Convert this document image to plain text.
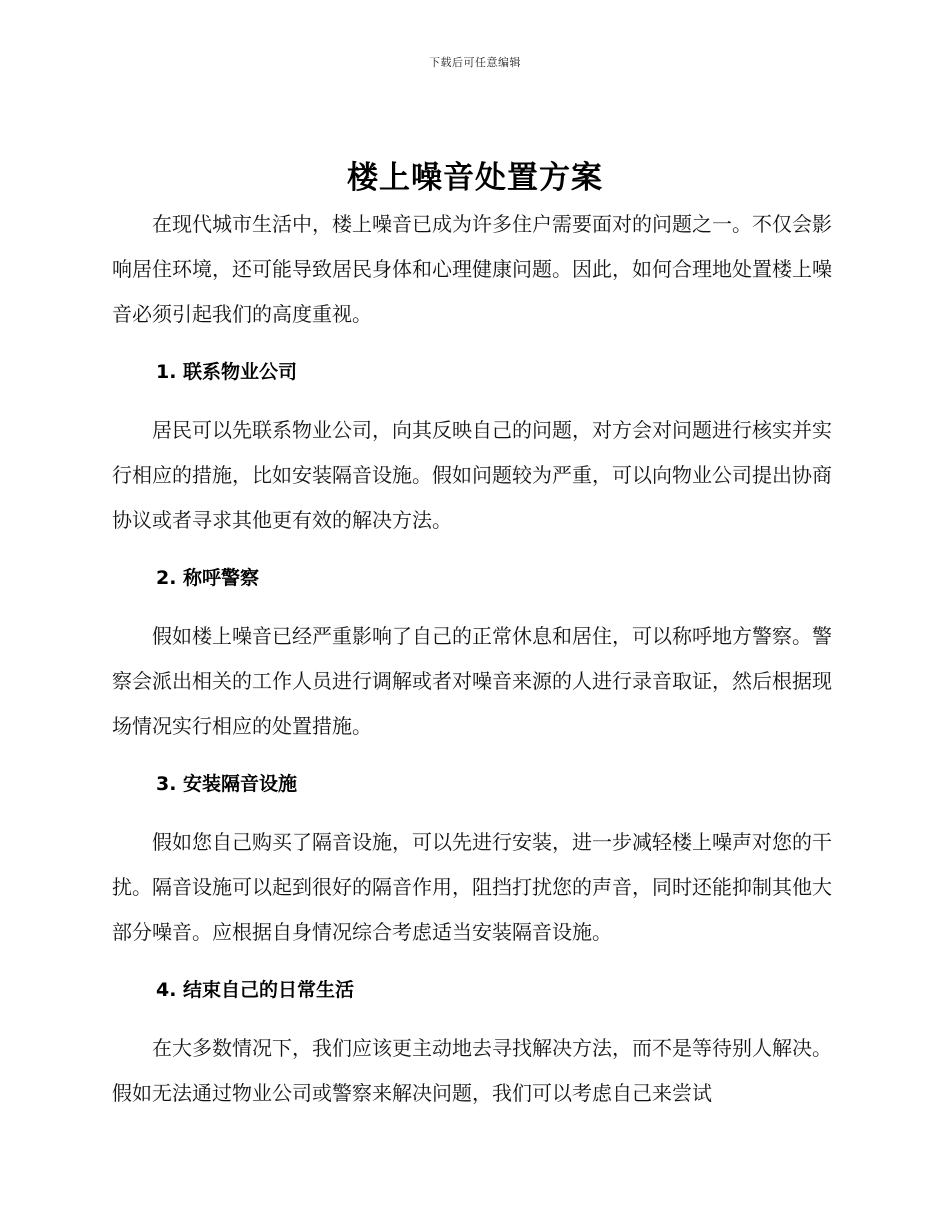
下载后可任意编辑
楼上噪音处置方案

在现代城市生活中，楼上噪音已成为许多住户需要面对的问题之一。不仅会影响居住环境，还可能导致居民身体和心理健康问题。因此，如何合理地处置楼上噪音必须引起我们的高度重视。

1. 联系物业公司

居民可以先联系物业公司，向其反映自己的问题，对方会对问题进行核实并实行相应的措施，比如安装隔音设施。假如问题较为严重，可以向物业公司提出协商协议或者寻求其他更有效的解决方法。

2. 称呼警察

假如楼上噪音已经严重影响了自己的正常休息和居住，可以称呼地方警察。警察会派出相关的工作人员进行调解或者对噪音来源的人进行录音取证，然后根据现场情况实行相应的处置措施。

3. 安装隔音设施

假如您自己购买了隔音设施，可以先进行安装，进一步减轻楼上噪声对您的干扰。隔音设施可以起到很好的隔音作用，阻挡打扰您的声音，同时还能抑制其他大部分噪音。应根据自身情况综合考虑适当安装隔音设施。

4. 结束自己的日常生活

在大多数情况下，我们应该更主动地去寻找解决方法，而不是等待别人解决。假如无法通过物业公司或警察来解决问题，我们可以考虑自己来尝试
